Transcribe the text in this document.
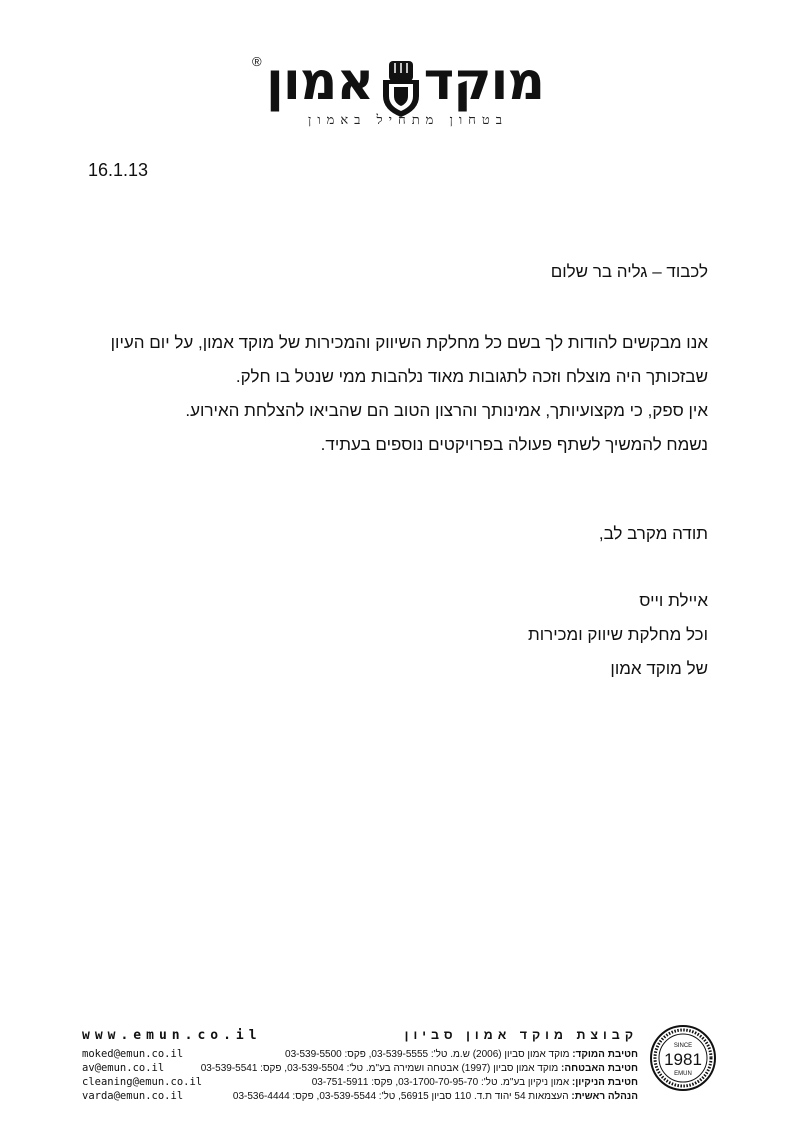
® אמון מוקד
בטחון מתחיל באמון
16.1.13
לכבוד – גליה בר שלום
אנו מבקשים להודות לך בשם כל מחלקת השיווק והמכירות של מוקד אמון, על יום העיון
שבזכותך היה מוצלח וזכה לתגובות מאוד נלהבות ממי שנטל בו חלק.
אין ספק, כי מקצועיותך, אמינותך והרצון הטוב הם שהביאו להצלחת האירוע.
נשמח להמשיך לשתף פעולה בפרויקטים נוספים בעתיד.
תודה מקרב לב,
איילת וייס
וכל מחלקת שיווק ומכירות
של מוקד אמון
SINCE
1981
EMUN
www.emun.co.il	קבוצת מוקד אמון סביון
moked@emun.co.il	חטיבת המוקד: מוקד אמון סביון (2006) ש.מ. טל': 03-539-5555, פקס: 03-539-5500
av@emun.co.il	חטיבת האבטחה: מוקד אמון סביון (1997) אבטחה ושמירה בע"מ. טל': 03-539-5504, פקס: 03-539-5541
cleaning@emun.co.il	חטיבת הניקיון: אמון ניקיון בע"מ. טל': 03-1700-70-95-70, פקס: 03-751-5911
varda@emun.co.il	הנהלה ראשית: העצמאות 54 יהוד ת.ד. 110 סביון 56915, טל': 03-539-5544, פקס: 03-536-4444
